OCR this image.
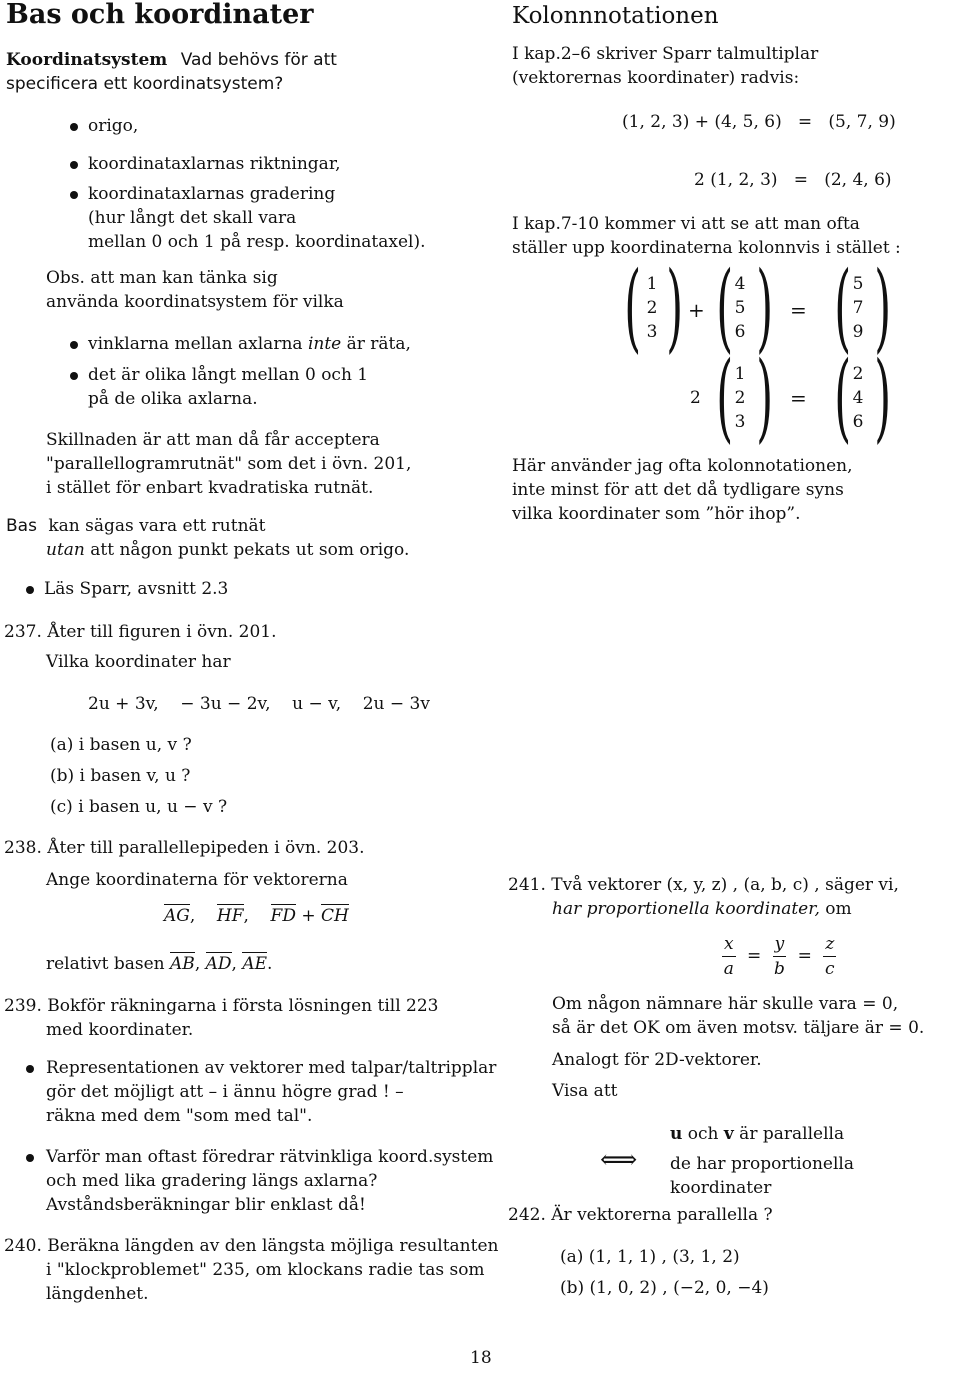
Bas och koordinater
Koordinatsystem Vad behövs för att
specificera ett koordinatsystem?
origo,
koordinataxlarnas riktningar,
koordinataxlarnas gradering
(hur långt det skall vara
mellan 0 och 1 på resp. koordinataxel).
Obs. att man kan tänka sig
använda koordinatsystem för vilka
vinklarna mellan axlarna inte är räta,
det är olika långt mellan 0 och 1
på de olika axlarna.
Skillnaden är att man då får acceptera
"parallellogramrutnät" som det i övn. 201,
i stället för enbart kvadratiska rutnät.
Bas kan sägas vara ett rutnät
utan att någon punkt pekats ut som origo.
Läs Sparr, avsnitt 2.3
237. Åter till figuren i övn. 201.
Vilka koordinater har
2u + 3v,    − 3u − 2v,    u − v,    2u − 3v
(a) i basen u, v ?
(b) i basen v, u ?
(c) i basen u, u − v ?
238. Åter till parallellepipeden i övn. 203.
Ange koordinaterna för vektorerna
AG,    HF,    FD + CH
relativt basen AB, AD, AE.
239. Bokför räkningarna i första lösningen till 223
med koordinater.
Representationen av vektorer med talpar/taltripplar
gör det möjligt att – i ännu högre grad ! –
räkna med dem "som med tal".
Varför man oftast föredrar rätvinkliga koord.system
och med lika gradering längs axlarna?
Avståndsberäkningar blir enklast då!
240. Beräkna längden av den längsta möjliga resultanten
i "klockproblemet" 235, om klockans radie tas som
längdenhet.
Kolonnnotationen
I kap.2–6 skriver Sparr talmultiplar
(vektorernas koordinater) radvis:
(1, 2, 3) + (4, 5, 6)   =   (5, 7, 9)
2 (1, 2, 3)   =   (2, 4, 6)
I kap.7-10 kommer vi att se att man ofta
ställer upp koordinaterna kolonnvis i stället :
( 1
2
3 ) + ( 4
5
6 ) = ( 5
7
9 )
2 ( 1
2
3 ) = ( 2
4
6 )
Här använder jag ofta kolonnotationen,
inte minst för att det då tydligare syns
vilka koordinater som ”hör ihop”.
241. Två vektorer (x, y, z) , (a, b, c) , säger vi,
har proportionella koordinater, om
$\frac{x}{a} = \frac{y}{b} = \frac{z}{c}$
Om någon nämnare här skulle vara = 0,
så är det OK om även motsv. täljare är = 0.
Analogt för 2D-vektorer.
Visa att
u och v är parallella
⟺ de har proportionella koordinater
242. Är vektorerna parallella ?
(a) (1, 1, 1) , (3, 1, 2)
(b) (1, 0, 2) , (−2, 0, −4)
18
